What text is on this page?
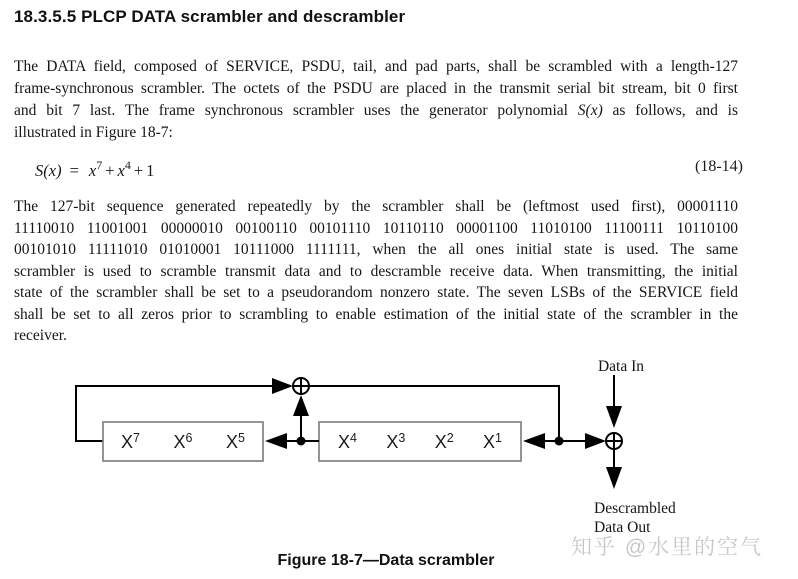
18.3.5.5 PLCP DATA scrambler and descrambler
The DATA field, composed of SERVICE, PSDU, tail, and pad parts, shall be scrambled with a length-127
frame-synchronous scrambler. The octets of the PSDU are placed in the transmit serial bit stream, bit 0 first
and bit 7 last. The frame synchronous scrambler uses the generator polynomial S(x) as follows, and is
illustrated in Figure 18-7:
$S(x) = x^7 + x^4 + 1$	(18-14)
The 127-bit sequence generated repeatedly by the scrambler shall be (leftmost used first), 00001110
11110010 11001001 00000010 00100110 00101110 10110110 00001100 11010100 11100111 10110100
00101010 11111010 01010001 10111000 1111111, when the all ones initial state is used. The same
scrambler is used to scramble transmit data and to descramble receive data. When transmitting, the initial
state of the scrambler shall be set to a pseudorandom nonzero state. The seven LSBs of the SERVICE field
shall be set to all zeros prior to scrambling to enable estimation of the initial state of the scrambler in the
receiver.
$X^7$ $X^6$ $X^5$	$X^4$ $X^3$ $X^2$ $X^1$
Data In
Descrambled
Data Out
Figure 18-7—Data scrambler
知乎 @水里的空气
